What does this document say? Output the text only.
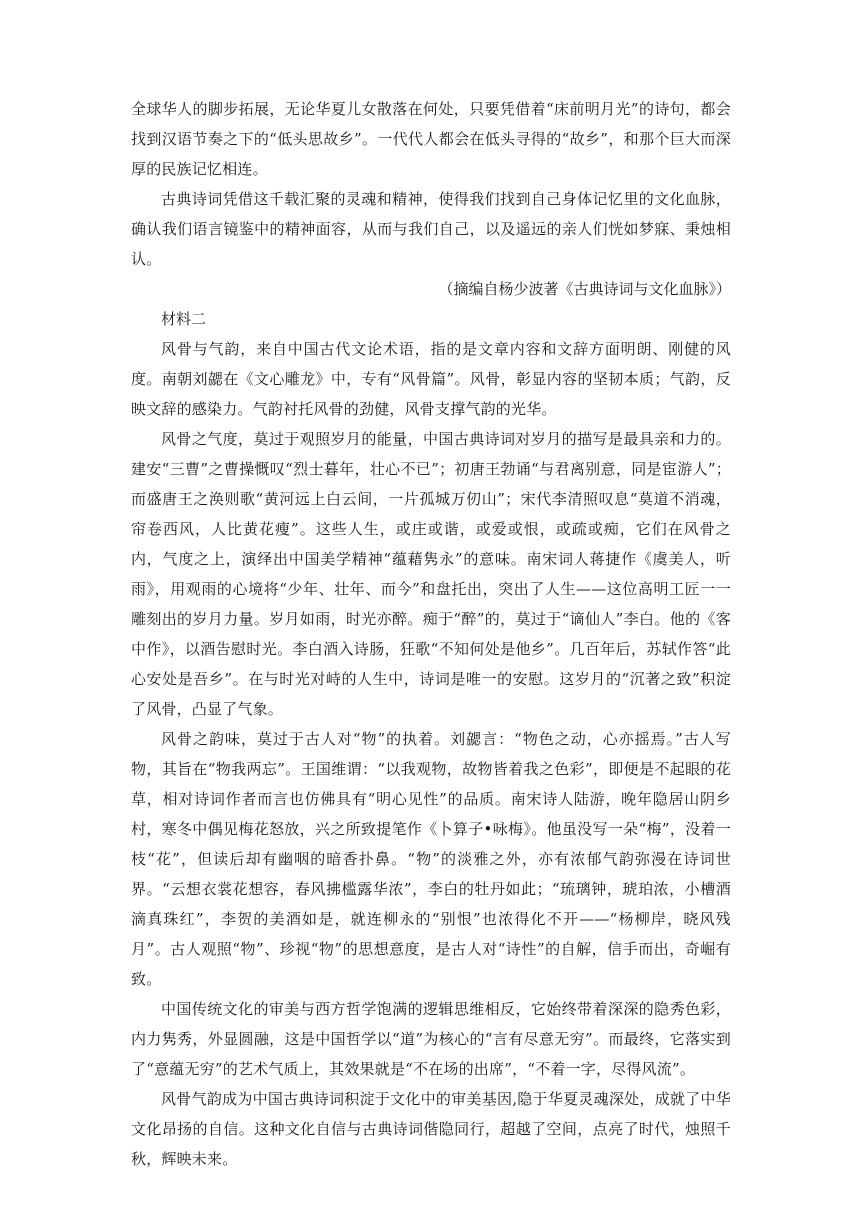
全球华人的脚步拓展，无论华夏儿女散落在何处，只要凭借着“床前明月光”的诗句，都会找到汉语节奏之下的“低头思故乡”。一代代人都会在低头寻得的“故乡”，和那个巨大而深厚的民族记忆相连。

古典诗词凭借这千载汇聚的灵魂和精神，使得我们找到自己身体记忆里的文化血脉，确认我们语言镜鉴中的精神面容，从而与我们自己，以及遥远的亲人们恍如梦寐、秉烛相认。

（摘编自杨少波著《古典诗词与文化血脉》）

材料二

风骨与气韵，来自中国古代文论术语，指的是文章内容和文辞方面明朗、刚健的风度。南朝刘勰在《文心雕龙》中，专有“风骨篇”。风骨，彰显内容的坚韧本质；气韵，反映文辞的感染力。气韵衬托风骨的劲健，风骨支撑气韵的光华。

风骨之气度，莫过于观照岁月的能量，中国古典诗词对岁月的描写是最具亲和力的。建安“三曹”之曹操慨叹“烈士暮年，壮心不已”；初唐王勃诵“与君离别意，同是宦游人”；而盛唐王之涣则歌“黄河远上白云间，一片孤城万仞山”；宋代李清照叹息“莫道不消魂，帘卷西风，人比黄花瘦”。这些人生，或庄或谐，或爱或恨，或疏或痴，它们在风骨之内，气度之上，演绎出中国美学精神“蕴藉隽永”的意味。南宋词人蒋捷作《虞美人，听雨》，用观雨的心境将“少年、壮年、而今”和盘托出，突出了人生——这位高明工匠一一雕刻出的岁月力量。岁月如雨，时光亦醉。痴于“醉”的，莫过于“谪仙人”李白。他的《客中作》，以酒告慰时光。李白酒入诗肠，狂歌“不知何处是他乡”。几百年后，苏轼作答“此心安处是吾乡”。在与时光对峙的人生中，诗词是唯一的安慰。这岁月的“沉著之致”积淀了风骨，凸显了气象。

风骨之韵味，莫过于古人对“物”的执着。刘勰言：“物色之动，心亦摇焉。”古人写物，其旨在“物我两忘”。王国维谓：“以我观物，故物皆着我之色彩”，即便是不起眼的花草，相对诗词作者而言也仿佛具有“明心见性”的品质。南宋诗人陆游，晚年隐居山阴乡村，寒冬中偶见梅花怒放，兴之所致提笔作《卜算子•咏梅》。他虽没写一朵“梅”，没着一枝“花”，但读后却有幽咽的暗香扑鼻。“物”的淡雅之外，亦有浓郁气韵弥漫在诗词世界。“云想衣裳花想容，春风拂槛露华浓”，李白的牡丹如此；“琉璃钟，琥珀浓，小槽酒滴真珠红”，李贺的美酒如是，就连柳永的“别恨”也浓得化不开——“杨柳岸，晓风残月”。古人观照“物”、珍视“物”的思想意度，是古人对“诗性”的自解，信手而出，奇崛有致。

中国传统文化的审美与西方哲学饱满的逻辑思维相反，它始终带着深深的隐秀色彩，内力隽秀，外显圆融，这是中国哲学以“道”为核心的“言有尽意无穷”。而最终，它落实到了“意蕴无穷”的艺术气质上，其效果就是“不在场的出席”，“不着一字，尽得风流”。

风骨气韵成为中国古典诗词积淀于文化中的审美基因,隐于华夏灵魂深处，成就了中华文化昂扬的自信。这种文化自信与古典诗词偕隐同行，超越了空间，点亮了时代，烛照千秋，辉映未来。
